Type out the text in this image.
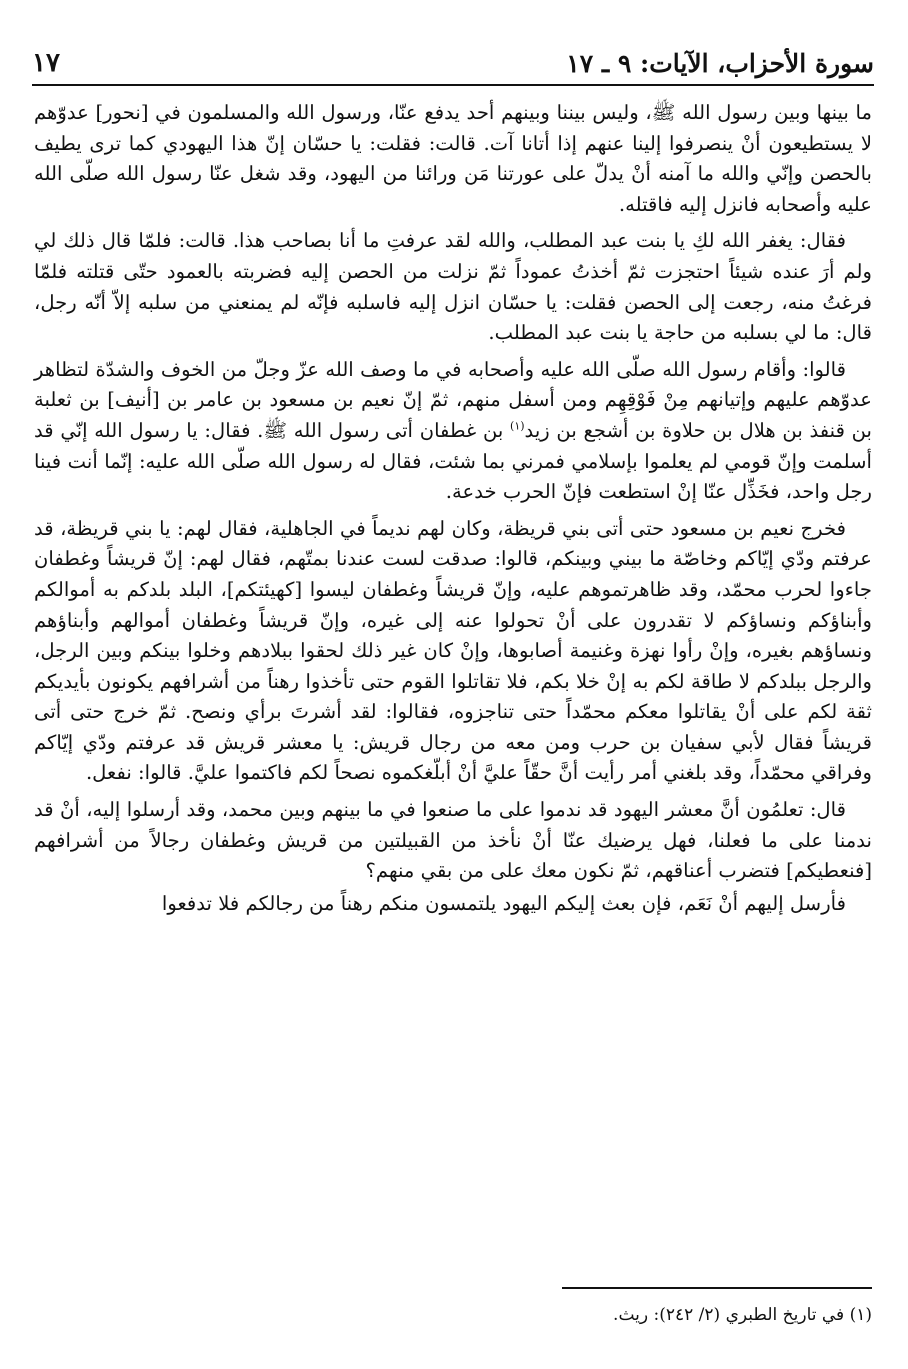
سورة الأحزاب، الآيات: ٩ ـ ١٧
١٧

ما بينها وبين رسول الله ﷺ، وليس بيننا وبينهم أحد يدفع عنّا، ورسول الله والمسلمون في [نحور] عدوّهم لا يستطيعون أنْ ينصرفوا إلينا عنهم إذا أتانا آت. قالت: فقلت: يا حسّان إنّ هذا اليهودي كما ترى يطيف بالحصن وإنّي والله ما آمنه أنْ يدلّ على عورتنا مَن ورائنا من اليهود، وقد شغل عنّا رسول الله صلّى الله عليه وأصحابه فانزل إليه فاقتله.

فقال: يغفر الله لكِ يا بنت عبد المطلب، والله لقد عرفتِ ما أنا بصاحب هذا. قالت: فلمّا قال ذلك لي ولم أرَ عنده شيئاً احتجزت ثمّ أخذتُ عموداً ثمّ نزلت من الحصن إليه فضربته بالعمود حتّى قتلته فلمّا فرغتُ منه، رجعت إلى الحصن فقلت: يا حسّان انزل إليه فاسلبه فإنّه لم يمنعني من سلبه إلاّ أنّه رجل، قال: ما لي بسلبه من حاجة يا بنت عبد المطلب.

قالوا: وأقام رسول الله صلّى الله عليه وأصحابه في ما وصف الله عزّ وجلّ من الخوف والشدّة لتظاهر عدوّهم عليهم وإتيانهم مِنْ فَوْقِهِم ومن أسفل منهم، ثمّ إنّ نعيم بن مسعود بن عامر بن [أنيف] بن ثعلبة بن قنفذ بن هلال بن حلاوة بن أشجع بن زيد$^{(١)}$ بن غطفان أتى رسول الله ﷺ. فقال: يا رسول الله إنّي قد أسلمت وإنّ قومي لم يعلموا بإسلامي فمرني بما شئت، فقال له رسول الله صلّى الله عليه: إنّما أنت فينا رجل واحد، فخَذِّل عنّا إنْ استطعت فإنّ الحرب خدعة.

فخرج نعيم بن مسعود حتى أتى بني قريظة، وكان لهم نديماً في الجاهلية، فقال لهم: يا بني قريظة، قد عرفتم ودّي إيّاكم وخاصّة ما بيني وبينكم، قالوا: صدقت لست عندنا بمتّهم، فقال لهم: إنّ قريشاً وغطفان جاءوا لحرب محمّد، وقد ظاهرتموهم عليه، وإنّ قريشاً وغطفان ليسوا [كهيئتكم]، البلد بلدكم به أموالكم وأبناؤكم ونساؤكم لا تقدرون على أنْ تحولوا عنه إلى غيره، وإنّ قريشاً وغطفان أموالهم وأبناؤهم ونساؤهم بغيره، وإنْ رأوا نهزة وغنيمة أصابوها، وإنْ كان غير ذلك لحقوا ببلادهم وخلوا بينكم وبين الرجل، والرجل ببلدكم لا طاقة لكم به إنْ خلا بكم، فلا تقاتلوا القوم حتى تأخذوا رهناً من أشرافهم يكونون بأيديكم ثقة لكم على أنْ يقاتلوا معكم محمّداً حتى تناجزوه، فقالوا: لقد أشرتَ برأي ونصح. ثمّ خرج حتى أتى قريشاً فقال لأبي سفيان بن حرب ومن معه من رجال قريش: يا معشر قريش قد عرفتم ودّي إيّاكم وفراقي محمّداً، وقد بلغني أمر رأيت أنَّ حقّاً عليَّ أنْ أبلّغكموه نصحاً لكم فاكتموا عليَّ. قالوا: نفعل.

قال: تعلمُون أنَّ معشر اليهود قد ندموا على ما صنعوا في ما بينهم وبين محمد، وقد أرسلوا إليه، أنْ قد ندمنا على ما فعلنا، فهل يرضيك عنّا أنْ نأخذ من القبيلتين من قريش وغطفان رجالاً من أشرافهم [فنعطيكم] فتضرب أعناقهم، ثمّ نكون معك على من بقي منهم؟

فأرسل إليهم أنْ نَعَم، فإن بعث إليكم اليهود يلتمسون منكم رهناً من رجالكم فلا تدفعوا

(١) في تاريخ الطبري (٢/ ٢٤٢): ريث.
